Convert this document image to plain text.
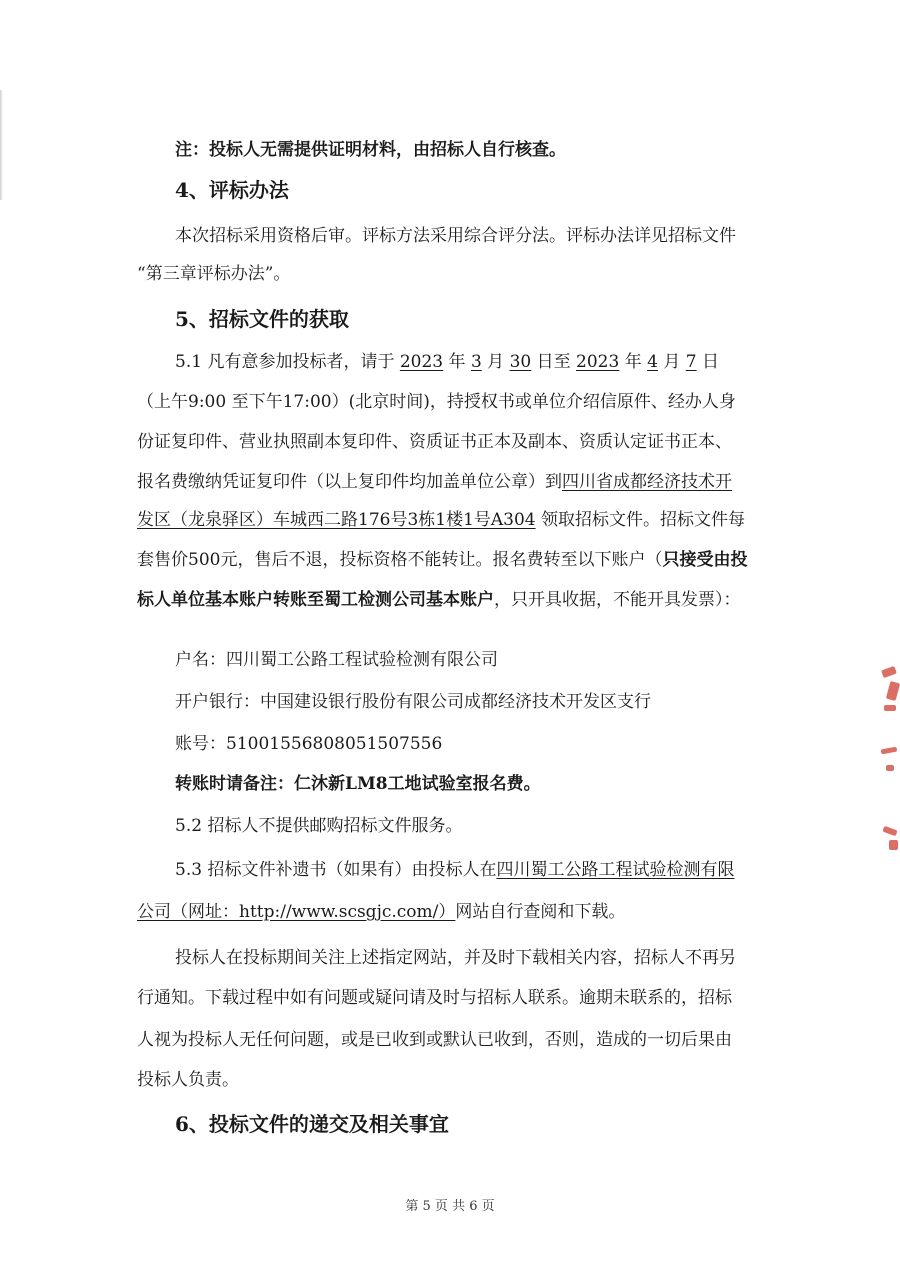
注：投标人无需提供证明材料，由招标人自行核查。
4、评标办法
本次招标采用资格后审。评标方法采用综合评分法。评标办法详见招标文件
“第三章评标办法”。
5、招标文件的获取
5.1 凡有意参加投标者，请于 2023 年 3 月 30 日至 2023 年 4 月 7 日
（上午9:00 至下午17:00）(北京时间)，持授权书或单位介绍信原件、经办人身
份证复印件、营业执照副本复印件、资质证书正本及副本、资质认定证书正本、
报名费缴纳凭证复印件（以上复印件均加盖单位公章）到四川省成都经济技术开
发区（龙泉驿区）车城西二路176号3栋1楼1号A304 领取招标文件。招标文件每
套售价500元，售后不退，投标资格不能转让。报名费转至以下账户（只接受由投
标人单位基本账户转账至蜀工检测公司基本账户，只开具收据，不能开具发票）：
户名：四川蜀工公路工程试验检测有限公司
开户银行：中国建设银行股份有限公司成都经济技术开发区支行
账号：51001556808051507556
转账时请备注：仁沐新LM8工地试验室报名费。
5.2 招标人不提供邮购招标文件服务。
5.3 招标文件补遗书（如果有）由投标人在四川蜀工公路工程试验检测有限
公司（网址：http://www.scsgjc.com/）网站自行查阅和下载。
投标人在投标期间关注上述指定网站，并及时下载相关内容，招标人不再另
行通知。下载过程中如有问题或疑问请及时与招标人联系。逾期未联系的，招标
人视为投标人无任何问题，或是已收到或默认已收到，否则，造成的一切后果由
投标人负责。
6、投标文件的递交及相关事宜
第 5 页 共 6 页
